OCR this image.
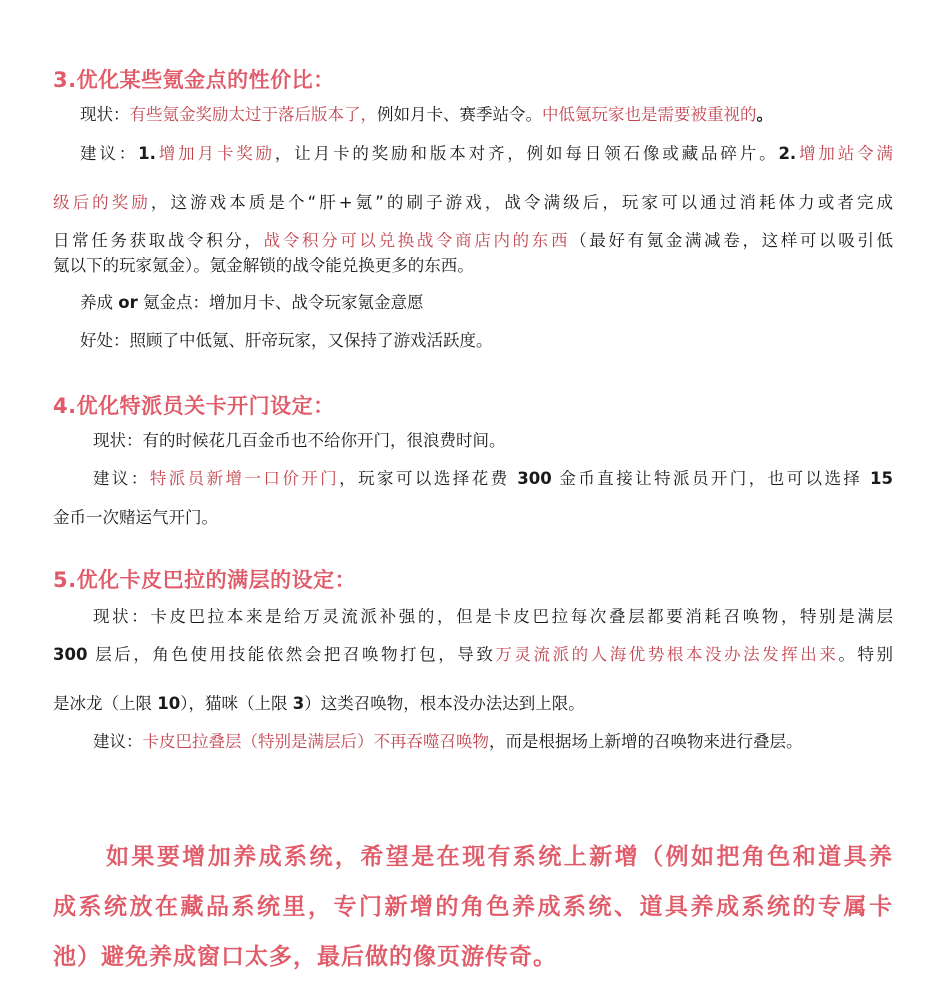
3.优化某些氪金点的性价比：
现状：有些氪金奖励太过于落后版本了，例如月卡、赛季站令。中低氪玩家也是需要被重视的。
建议：1.增加月卡奖励，让月卡的奖励和版本对齐，例如每日领石像或藏品碎片。2.增加站令满
级后的奖励，这游戏本质是个“肝+氪”的刷子游戏，战令满级后，玩家可以通过消耗体力或者完成
日常任务获取战令积分，战令积分可以兑换战令商店内的东西（最好有氪金满减卷，这样可以吸引低
氪以下的玩家氪金）。氪金解锁的战令能兑换更多的东西。
养成 or 氪金点：增加月卡、战令玩家氪金意愿
好处：照顾了中低氪、肝帝玩家，又保持了游戏活跃度。
4.优化特派员关卡开门设定：
现状：有的时候花几百金币也不给你开门，很浪费时间。
建议：特派员新增一口价开门，玩家可以选择花费 300 金币直接让特派员开门，也可以选择 15
金币一次赌运气开门。
5.优化卡皮巴拉的满层的设定：
现状：卡皮巴拉本来是给万灵流派补强的，但是卡皮巴拉每次叠层都要消耗召唤物，特别是满层
300 层后，角色使用技能依然会把召唤物打包，导致万灵流派的人海优势根本没办法发挥出来。特别
是冰龙（上限 10），猫咪（上限 3）这类召唤物，根本没办法达到上限。
建议：卡皮巴拉叠层（特别是满层后）不再吞噬召唤物，而是根据场上新增的召唤物来进行叠层。
如果要增加养成系统，希望是在现有系统上新增（例如把角色和道具养
成系统放在藏品系统里，专门新增的角色养成系统、道具养成系统的专属卡
池）避免养成窗口太多，最后做的像页游传奇。
